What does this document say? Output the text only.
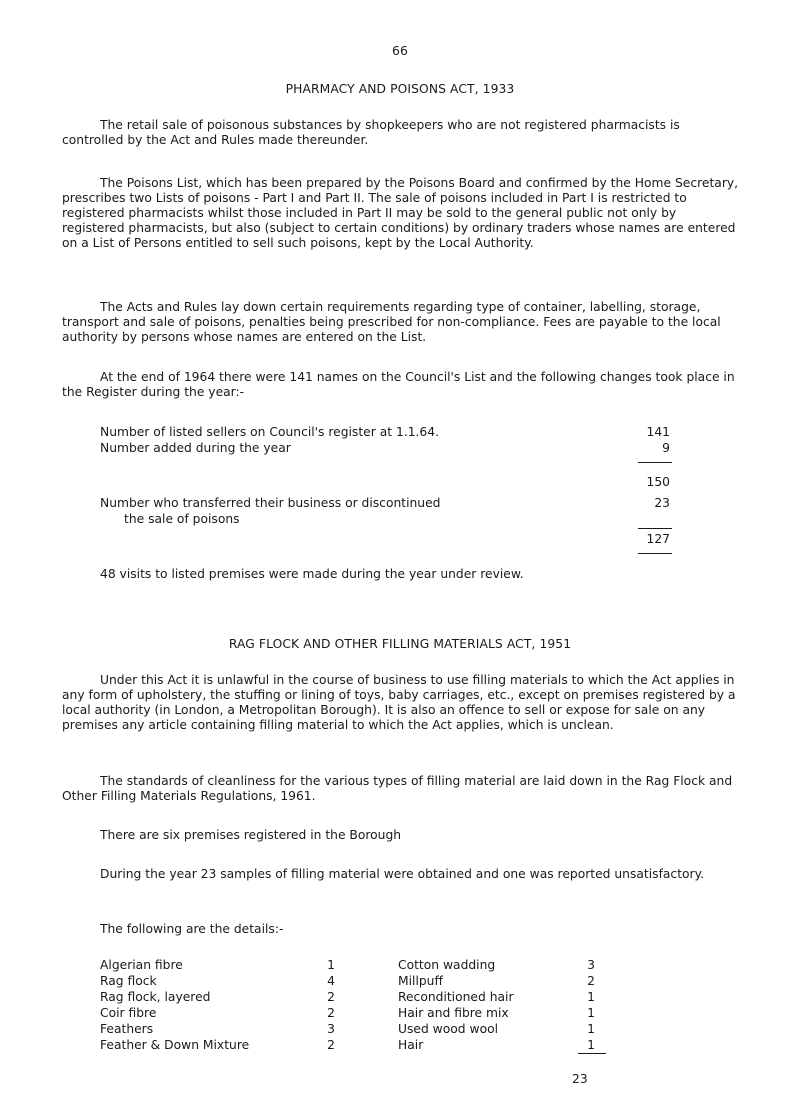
66
PHARMACY AND POISONS ACT, 1933

The retail sale of poisonous substances by shopkeepers who are not registered pharmacists is controlled by the Act and Rules made thereunder.

The Poisons List, which has been prepared by the Poisons Board and confirmed by the Home Secretary, prescribes two Lists of poisons - Part I and Part II. The sale of poisons included in Part I is restricted to registered pharmacists whilst those included in Part II may be sold to the general public not only by registered pharmacists, but also (subject to certain conditions) by ordinary traders whose names are entered on a List of Persons entitled to sell such poisons, kept by the Local Authority.

The Acts and Rules lay down certain requirements regarding type of container, labelling, storage, transport and sale of poisons, penalties being prescribed for non-compliance. Fees are payable to the local authority by persons whose names are entered on the List.

At the end of 1964 there were 141 names on the Council's List and the following changes took place in the Register during the year:-

Number of listed sellers on Council's register at 1.1.64.	141
Number added during the year	9
150
Number who transferred their business or discontinued	23
the sale of poisons
127

48 visits to listed premises were made during the year under review.

RAG FLOCK AND OTHER FILLING MATERIALS ACT, 1951

Under this Act it is unlawful in the course of business to use filling materials to which the Act applies in any form of upholstery, the stuffing or lining of toys, baby carriages, etc., except on premises registered by a local authority (in London, a Metropolitan Borough). It is also an offence to sell or expose for sale on any premises any article containing filling material to which the Act applies, which is unclean.

The standards of cleanliness for the various types of filling material are laid down in the Rag Flock and Other Filling Materials Regulations, 1961.

There are six premises registered in the Borough

During the year 23 samples of filling material were obtained and one was reported unsatisfactory.

The following are the details:-

Algerian fibre	1	Cotton wadding	3
Rag flock	4	Millpuff	2
Rag flock, layered	2	Reconditioned hair	1
Coir fibre	2	Hair and fibre mix	1
Feathers	3	Used wood wool	1
Feather & Down Mixture	2	Hair	1
23
